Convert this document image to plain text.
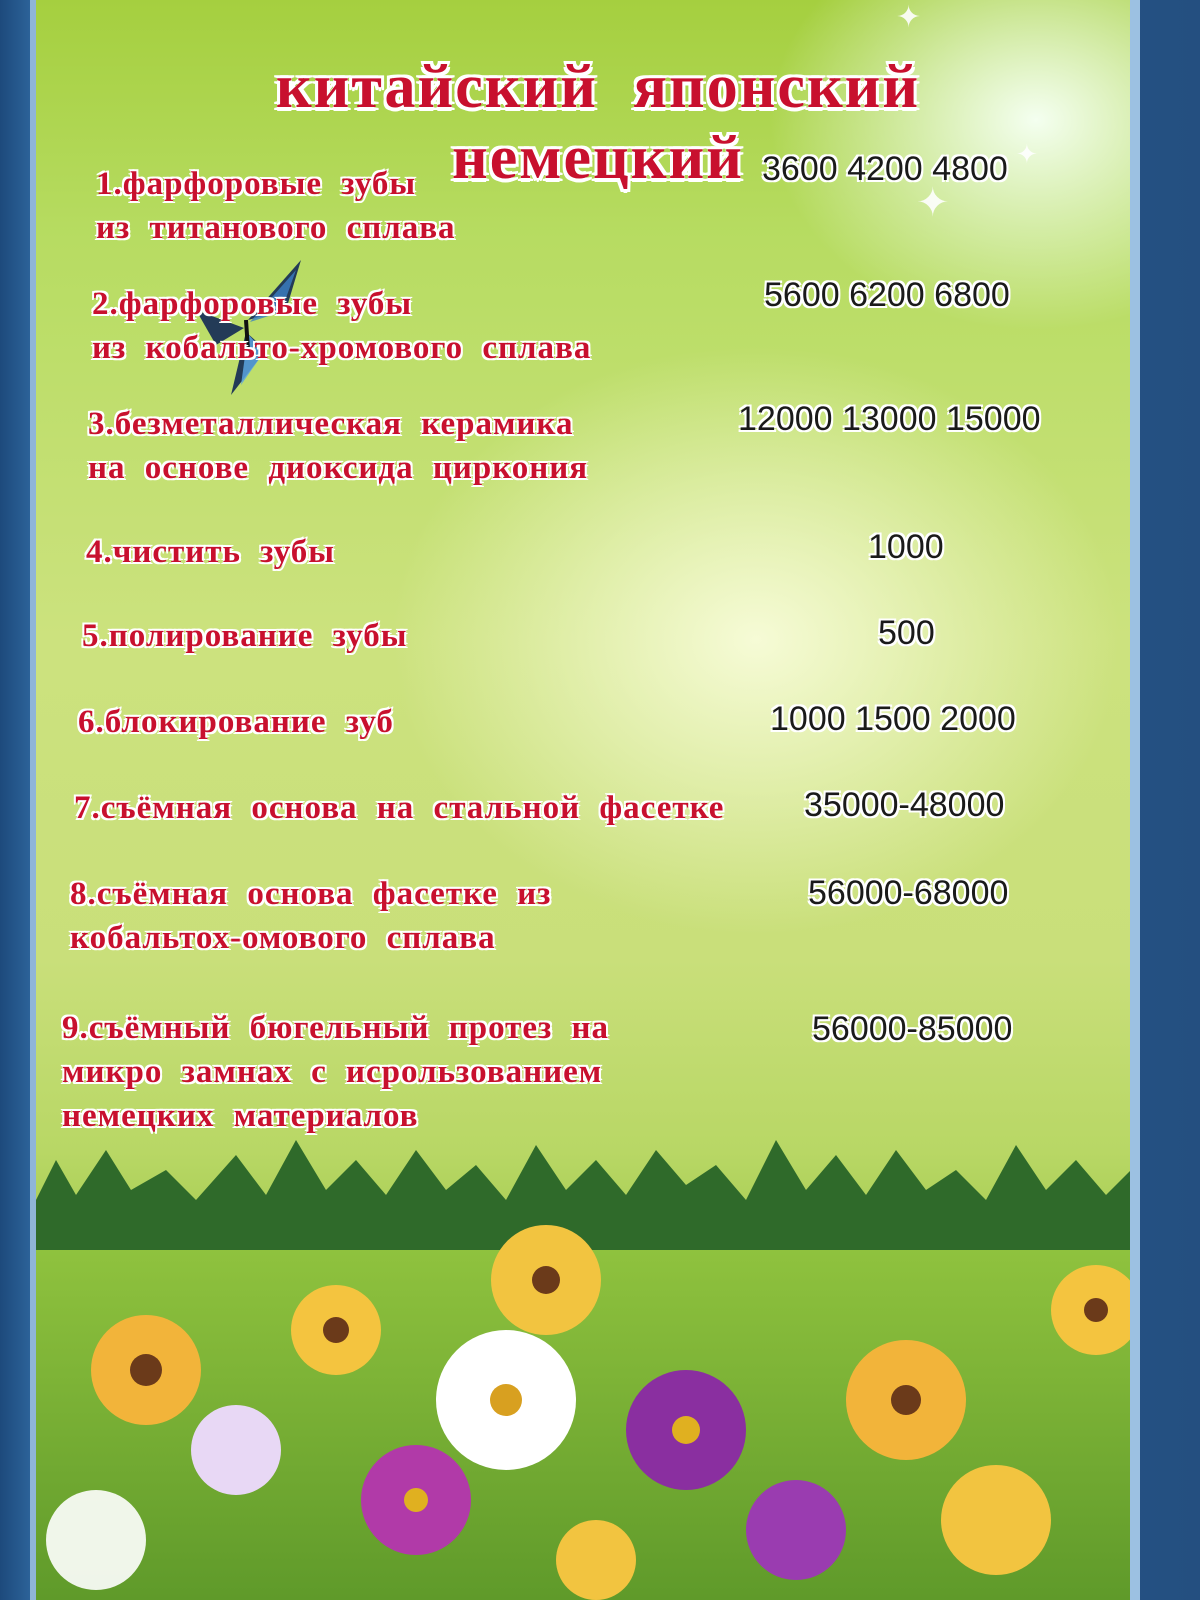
✦
✦
✦
китайский японский немецкий
1.фарфоровые зубы
из титанового сплава
3600 4200 4800
2.фарфоровые зубы
из кобальто-хромового сплава
5600 6200 6800
3.безметаллическая керамика
на основе диоксида циркония
12000 13000 15000
4.чистить зубы	1000
5.полирование зубы	500
6.блокирование зуб	1000 1500 2000
7.съёмная основа на стальной фасетке 35000-48000
8.съёмная основа фасетке из
кобальтох-омового сплава
56000-68000
9.съёмный бюгельный протез на
микро замнах с исрользованием
немецких материалов
56000-85000
